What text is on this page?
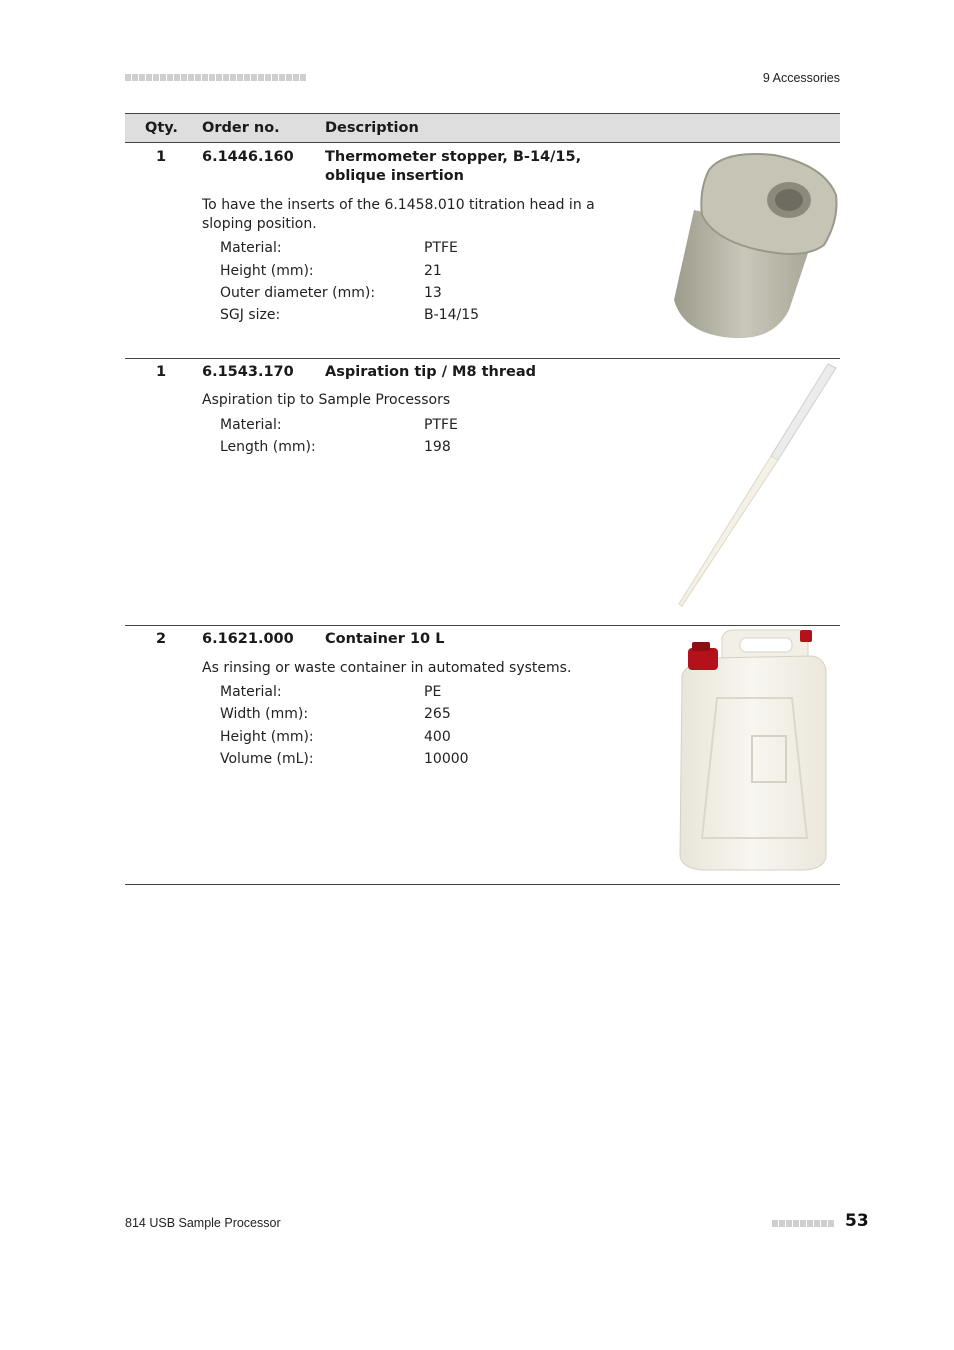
9 Accessories
Qty. Order no.	Description
1 6.1446.160 Thermometer stopper, B-14/15, oblique insertion
To have the inserts of the 6.1458.010 titration head in a sloping position.
Material:	PTFE
Height (mm):	21
Outer diameter (mm):	13
SGJ size:	B-14/15
1 6.1543.170 Aspiration tip / M8 thread
Aspiration tip to Sample Processors
Material:	PTFE
Length (mm):	198
2 6.1621.000 Container 10 L
As rinsing or waste container in automated systems.
Material:	PE
Width (mm):	265
Height (mm):	400
Volume (mL):	10000
814 USB Sample Processor	53
